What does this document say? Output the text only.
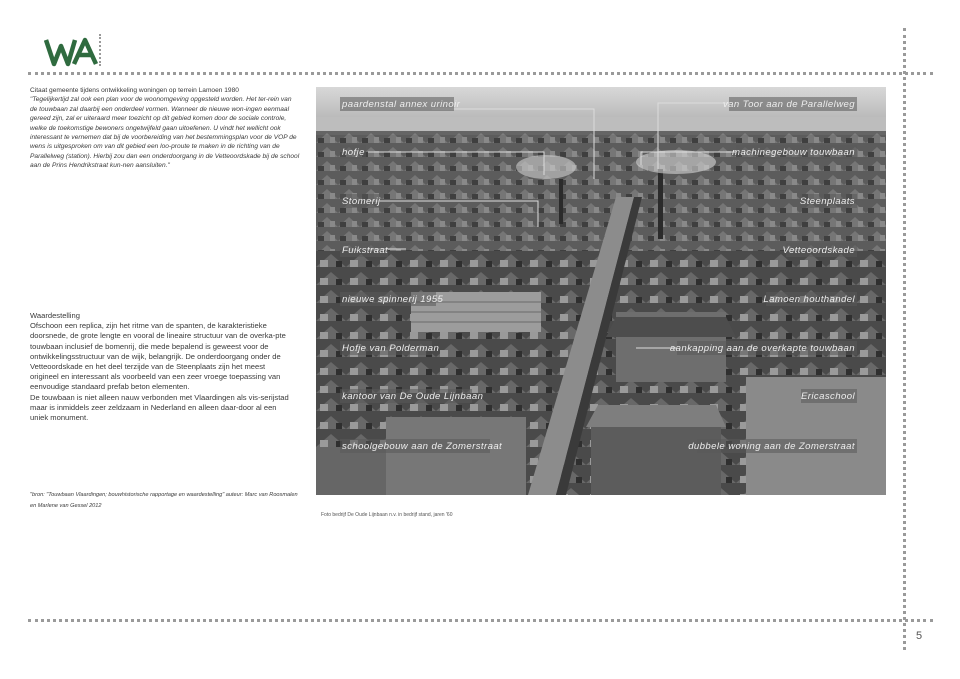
Citaat gemeente tijdens ontwikkeling woningen op terrein Lamoen 1980
"Tegelijkertijd zal ook een plan voor de woonomgeving opgesteld worden. Het ter-rein van de touwbaan zal daarbij een onderdeel vormen. Wanneer de nieuwe won-ingen eenmaal gereed zijn, zal er uiteraard meer toezicht op dit gebied komen door de sociale controle, welke de toekomstige bewoners ongetwijfeld gaan uitoefenen. U vindt het wellicht ook interessant te vernemen dat bij de voorbereiding van het bestemmingsplan voor de VOP de wens is uitgesproken om van dit gebied een loo-proute te maken in de richting van de Parallelweg (station). Hierbij zou dan een onderdoorgang in de Vetteoordskade bij de school aan de Prins Hendrikstraat kun-nen aansluiten."
Waardestelling
Ofschoon een replica, zijn het ritme van de spanten, de karakteristieke doorsnede, de grote lengte en vooral de lineaire structuur van de overka-pte touwbaan inclusief de bomenrij, die mede bepalend is geweest voor de ontwikkelingsstructuur van de wijk, belangrijk. De onderdoorgang onder de Vetteoordskade en het deel terzijde van de Steenplaats zijn het meest origineel en interessant als voorbeeld van een zeer vroege toepassing van eenvoudige standaard prefab beton elementen.
De touwbaan is niet alleen nauw verbonden met Vlaardingen als vis-serijstad maar is inmiddels zeer zeldzaam in Nederland en alleen daar-door al een uniek monument.
"bron: "Touwbaan Vlaardingen; bouwhistorische rapportage en waardestelling" auteur: Marc van Roosmalen en Marlene van Gessel 2012
paardenstal annex urinoir
hofje
Stomerij
Fuikstraat
nieuwe spinnerij 1955
Hofje van Polderman
kantoor van De Oude Lijnbaan
schoolgebouw aan de Zomerstraat
van Toor aan de Parallelweg
machinegebouw touwbaan
Steenplaats
Vetteoordskade
Lamoen houthandel
aankapping aan de overkapte touwbaan
Ericaschool
dubbele woning aan de Zomerstraat
Foto bedrijf De Oude Lijnbaan n.v. in bedrijf stand, jaren '60
5
